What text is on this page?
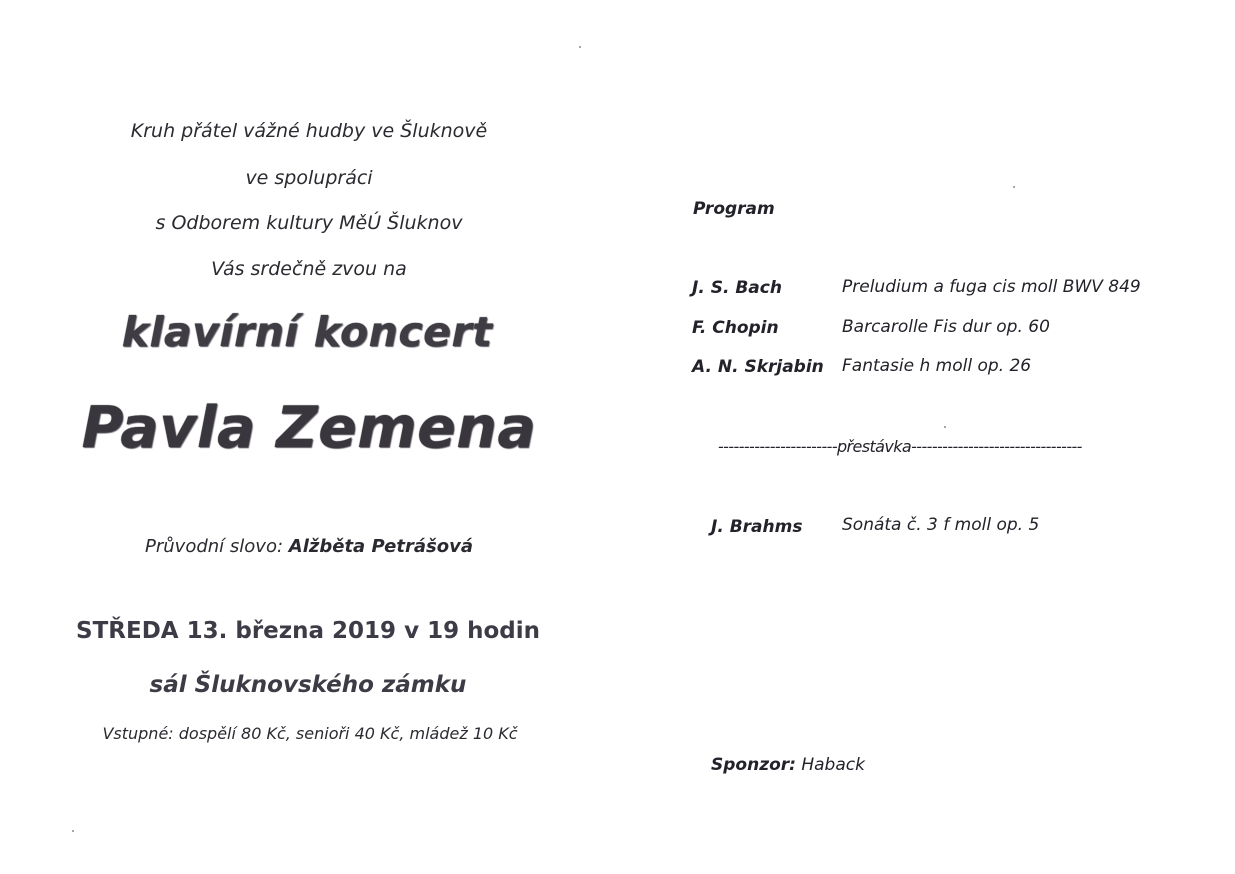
Kruh přátel vážné hudby ve Šluknově
ve spolupráci
s Odborem kultury MěÚ Šluknov
Vás srdečně zvou na
klavírní koncert
Pavla Zemena
Průvodní slovo: Alžběta Petrášová
STŘEDA 13. března 2019 v 19 hodin
sál Šluknovského zámku
Vstupné: dospělí 80 Kč, senioři 40 Kč, mládež 10 Kč
Program
J. S. Bach	Preludium a fuga cis moll BWV 849
F. Chopin	Barcarolle Fis dur op. 60
A. N. Skrjabin Fantasie h moll op. 26
-----------------------přestávka---------------------------------
J. Brahms Sonáta č. 3 f moll op. 5
Sponzor: Haback
